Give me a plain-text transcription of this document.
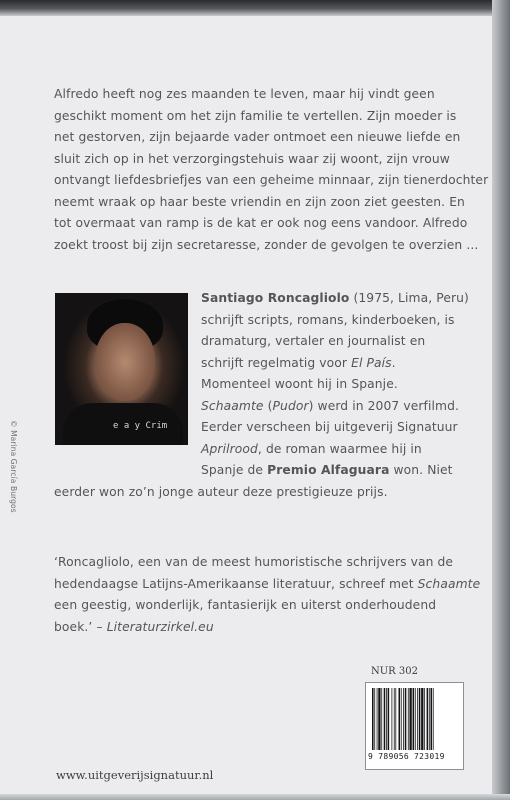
Alfredo heeft nog zes maanden te leven, maar hij vindt geen
geschikt moment om het zijn familie te vertellen. Zijn moeder is
net gestorven, zijn bejaarde vader ontmoet een nieuwe liefde en
sluit zich op in het verzorgingstehuis waar zij woont, zijn vrouw
ontvangt liefdesbriefjes van een geheime minnaar, zijn tienerdochter
neemt wraak op haar beste vriendin en zijn zoon ziet geesten. En
tot overmaat van ramp is de kat er ook nog eens vandoor. Alfredo
zoekt troost bij zijn secretaresse, zonder de gevolgen te overzien ...
© Marina García Burgos	e a y Crim
Santiago Roncagliolo (1975, Lima, Peru)
schrijft scripts, romans, kinderboeken, is
dramaturg, vertaler en journalist en
schrijft regelmatig voor El País.
Momenteel woont hij in Spanje.
Schaamte (Pudor) werd in 2007 verfilmd.
Eerder verscheen bij uitgeverij Signatuur
Aprilrood, de roman waarmee hij in
Spanje de Premio Alfaguara won. Niet
eerder won zo’n jonge auteur deze prestigieuze prijs.
‘Roncagliolo, een van de meest humoristische schrijvers van de
hedendaagse Latijns-Amerikaanse literatuur, schreef met Schaamte
een geestig, wonderlijk, fantasierijk en uiterst onderhoudend
boek.’ – Literaturzirkel.eu
NUR 302
9 789056 723019
www.uitgeverijsignatuur.nl
